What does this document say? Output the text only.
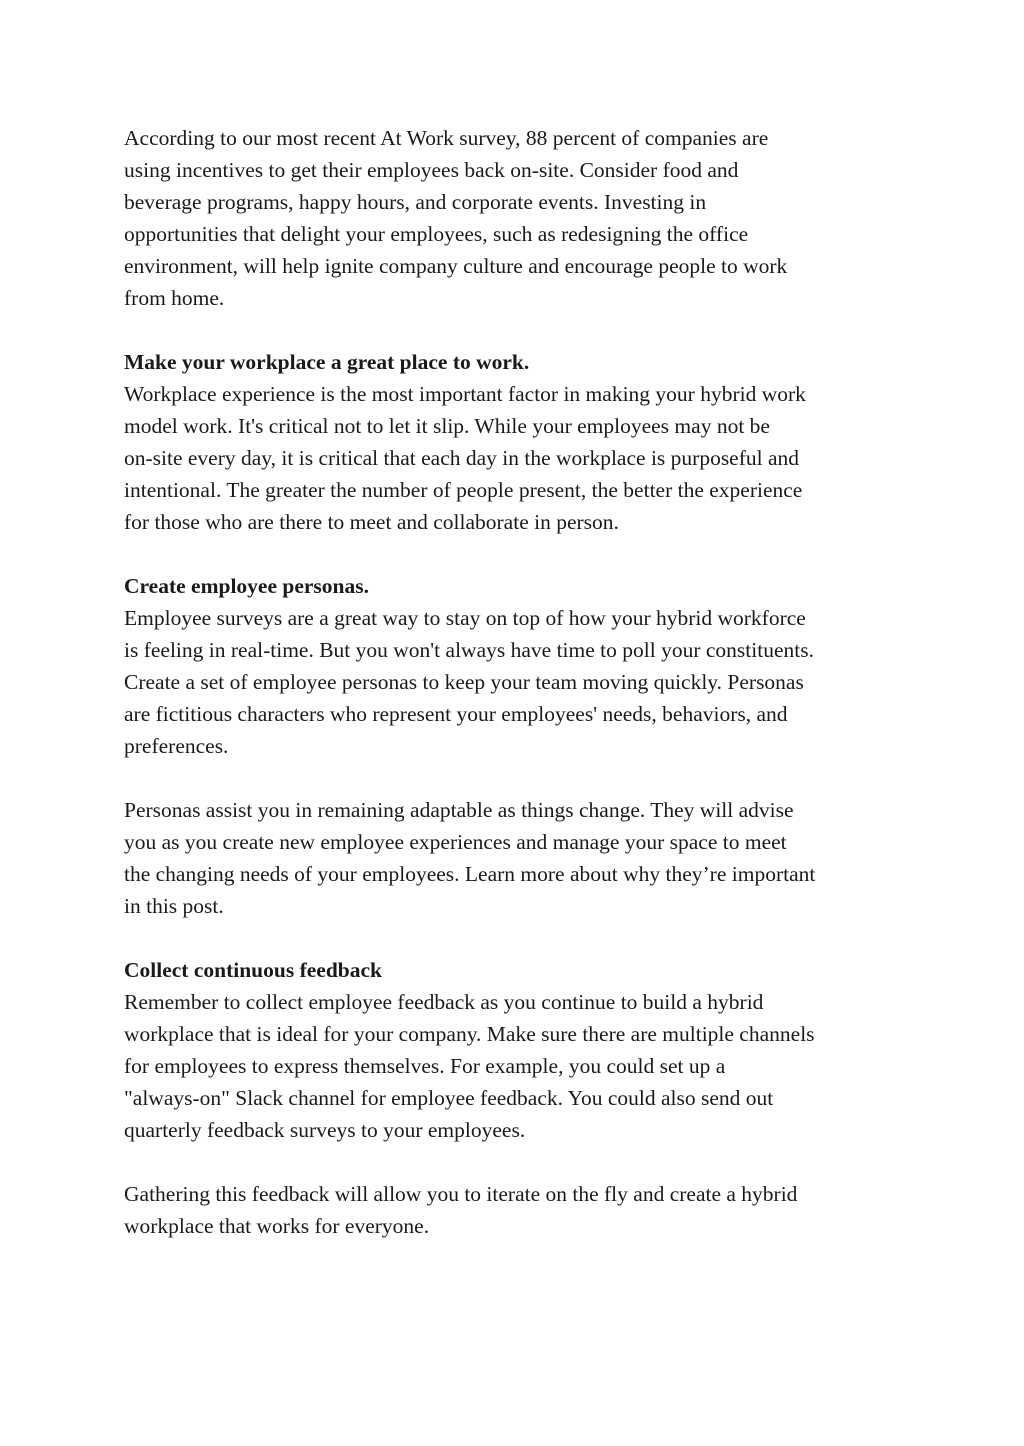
According to our most recent At Work survey, 88 percent of companies are
using incentives to get their employees back on-site. Consider food and
beverage programs, happy hours, and corporate events. Investing in
opportunities that delight your employees, such as redesigning the office
environment, will help ignite company culture and encourage people to work
from home.

Make your workplace a great place to work.

Workplace experience is the most important factor in making your hybrid work
model work. It's critical not to let it slip. While your employees may not be
on-site every day, it is critical that each day in the workplace is purposeful and
intentional. The greater the number of people present, the better the experience
for those who are there to meet and collaborate in person.

Create employee personas.

Employee surveys are a great way to stay on top of how your hybrid workforce
is feeling in real-time. But you won't always have time to poll your constituents.
Create a set of employee personas to keep your team moving quickly. Personas
are fictitious characters who represent your employees' needs, behaviors, and
preferences.

Personas assist you in remaining adaptable as things change. They will advise
you as you create new employee experiences and manage your space to meet
the changing needs of your employees. Learn more about why they’re important
in this post.

Collect continuous feedback

Remember to collect employee feedback as you continue to build a hybrid
workplace that is ideal for your company. Make sure there are multiple channels
for employees to express themselves. For example, you could set up a
"always-on" Slack channel for employee feedback. You could also send out
quarterly feedback surveys to your employees.

Gathering this feedback will allow you to iterate on the fly and create a hybrid
workplace that works for everyone.
